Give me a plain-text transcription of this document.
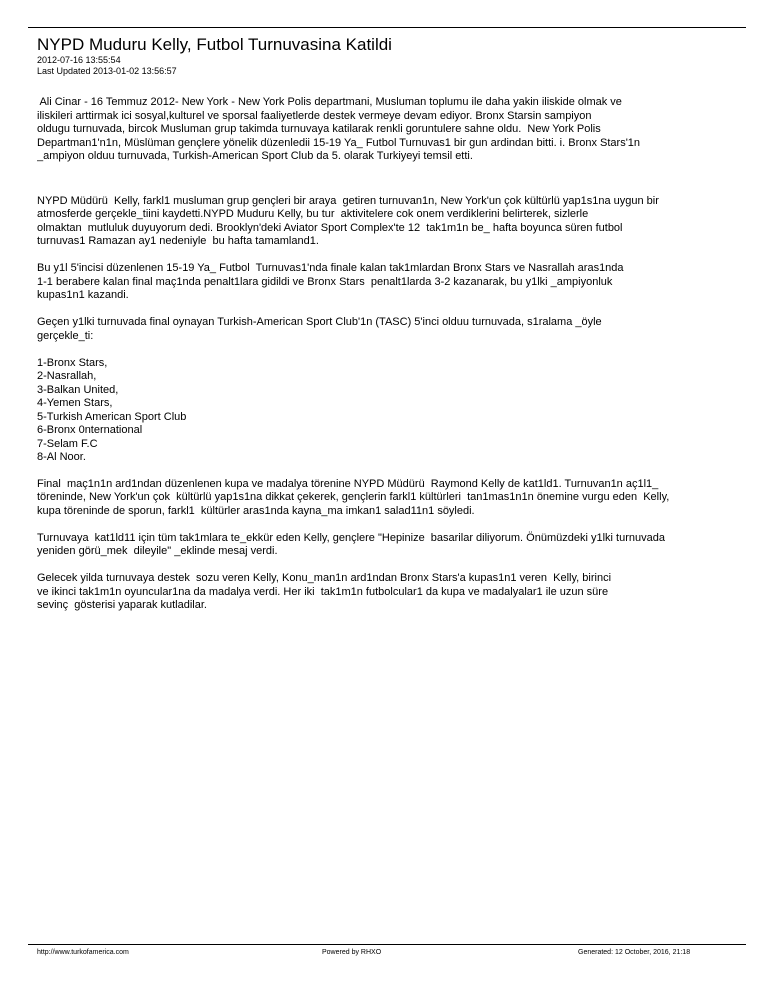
NYPD Muduru Kelly, Futbol Turnuvasina Katildi
2012-07-16 13:55:54
Last Updated 2013-01-02 13:56:57

Ali Cinar - 16 Temmuz 2012- New York - New York Polis departmani, Musluman toplumu ile daha yakin iliskide olmak ve
iliskileri arttirmak ici sosyal,kulturel ve sporsal faaliyetlerde destek vermeye devam ediyor. Bronx Starsin sampiyon
oldugu turnuvada, bircok Musluman grup takimda turnuvaya katilarak renkli goruntulere sahne oldu.  New York Polis
Departman1'n1n, Müslüman gençlere yönelik düzenledii 15-19 Ya_ Futbol Turnuvas1 bir gun ardindan bitti. i. Bronx Stars'1n
_ampiyon olduu turnuvada, Turkish-American Sport Club da 5. olarak Turkiyeyi temsil etti.

NYPD Müdürü  Kelly, farkl1 musluman grup gençleri bir araya  getiren turnuvan1n, New York'un çok kültürlü yap1s1na uygun bir
atmosferde gerçekle_tiini kaydetti.NYPD Muduru Kelly, bu tur  aktivitelere cok onem verdiklerini belirterek, sizlerle
olmaktan  mutluluk duyuyorum dedi. Brooklyn'deki Aviator Sport Complex'te 12  tak1m1n be_ hafta boyunca süren futbol
turnuvas1 Ramazan ay1 nedeniyle  bu hafta tamamland1.

Bu y1l 5'incisi düzenlenen 15-19 Ya_ Futbol  Turnuvas1'nda finale kalan tak1mlardan Bronx Stars ve Nasrallah aras1nda
1-1 berabere kalan final maç1nda penalt1lara gidildi ve Bronx Stars  penalt1larda 3-2 kazanarak, bu y1lki _ampiyonluk
kupas1n1 kazandi.

Geçen y1lki turnuvada final oynayan Turkish-American Sport Club'1n (TASC) 5'inci olduu turnuvada, s1ralama _öyle
gerçekle_ti:

1-Bronx Stars,
2-Nasrallah,
3-Balkan United,
4-Yemen Stars,
5-Turkish American Sport Club
6-Bronx 0nternational
7-Selam F.C
8-Al Noor.

Final  maç1n1n ard1ndan düzenlenen kupa ve madalya törenine NYPD Müdürü  Raymond Kelly de kat1ld1. Turnuvan1n aç1l1_
töreninde, New York'un çok  kültürlü yap1s1na dikkat çekerek, gençlerin farkl1 kültürleri  tan1mas1n1n önemine vurgu eden  Kelly,
kupa töreninde de sporun, farkl1  kültürler aras1nda kayna_ma imkan1 salad11n1 söyledi.

Turnuvaya  kat1ld11 için tüm tak1mlara te_ekkür eden Kelly, gençlere "Hepinize  basarilar diliyorum. Önümüzdeki y1lki turnuvada
yeniden görü_mek  dileyile" _eklinde mesaj verdi.

Gelecek yilda turnuvaya destek  sozu veren Kelly, Konu_man1n ard1ndan Bronx Stars'a kupas1n1 veren  Kelly, birinci
ve ikinci tak1m1n oyuncular1na da madalya verdi. Her iki  tak1m1n futbolcular1 da kupa ve madalyalar1 ile uzun süre
sevinç  gösterisi yaparak kutladilar.

http://www.turkofamerica.com	Powered by RHXO	Generated: 12 October, 2016, 21:18
